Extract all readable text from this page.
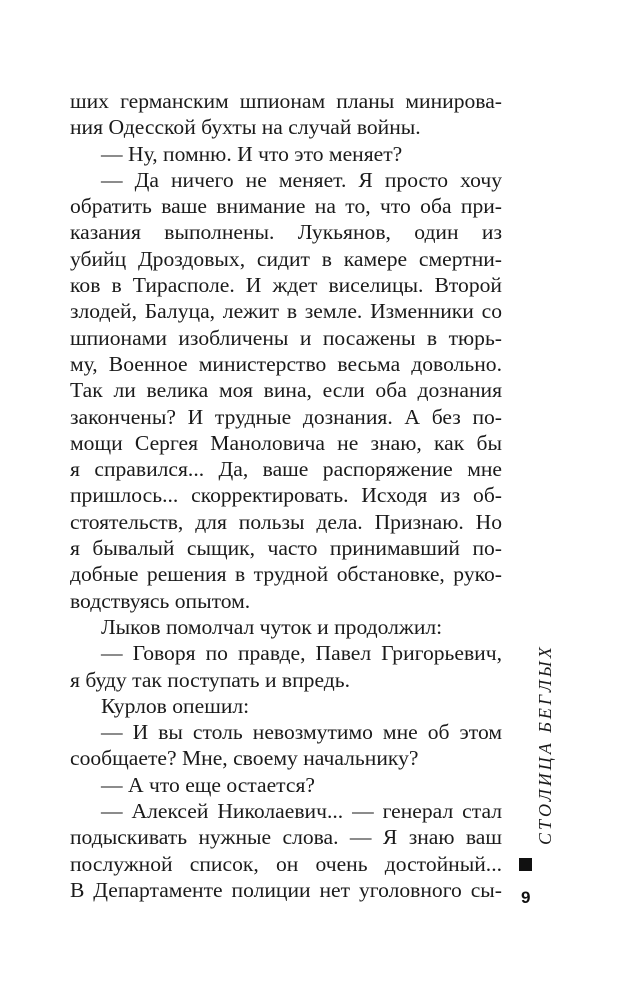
ших германским шпионам планы минирова-
ния Одесской бухты на случай войны.
— Ну, помню. И что это меняет?
— Да ничего не меняет. Я просто хочу
обратить ваше внимание на то, что оба при-
казания выполнены. Лукьянов, один из
убийц Дроздовых, сидит в камере смертни-
ков в Тирасполе. И ждет виселицы. Второй
злодей, Балуца, лежит в земле. Изменники со
шпионами изобличены и посажены в тюрь-
му, Военное министерство весьма довольно.
Так ли велика моя вина, если оба дознания
закончены? И трудные дознания. А без по-
мощи Сергея Маноловича не знаю, как бы
я справился... Да, ваше распоряжение мне
пришлось... скорректировать. Исходя из об-
стоятельств, для пользы дела. Признаю. Но
я бывалый сыщик, часто принимавший по-
добные решения в трудной обстановке, руко-
водствуясь опытом.
Лыков помолчал чуток и продолжил:
— Говоря по правде, Павел Григорьевич,
я буду так поступать и впредь.
Курлов опешил:
— И вы столь невозмутимо мне об этом
сообщаете? Мне, своему начальнику?
— А что еще остается?
— Алексей Николаевич... — генерал стал
подыскивать нужные слова. — Я знаю ваш
послужной список, он очень достойный...
В Департаменте полиции нет уголовного сы-
СТОЛИЦА БЕГЛЫХ
9
